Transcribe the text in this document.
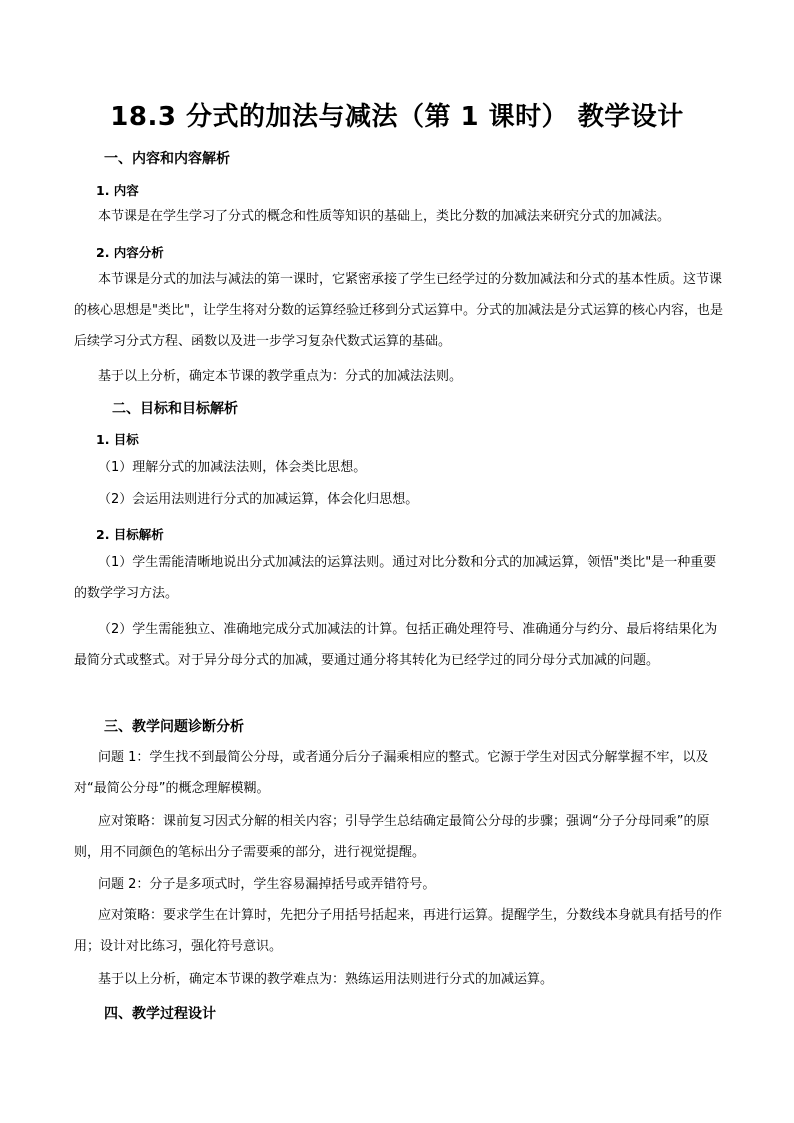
18.3 分式的加法与减法（第 1 课时） 教学设计
一、内容和内容解析
1. 内容

本节课是在学生学习了分式的概念和性质等知识的基础上，类比分数的加减法来研究分式的加减法。

2. 内容分析

本节课是分式的加法与减法的第一课时，它紧密承接了学生已经学过的分数加减法和分式的基本性质。这节课的核心思想是"类比"，让学生将对分数的运算经验迁移到分式运算中。分式的加减法是分式运算的核心内容，也是后续学习分式方程、函数以及进一步学习复杂代数式运算的基础。

基于以上分析，确定本节课的教学重点为：分式的加减法法则。

二、目标和目标解析
1. 目标

（1）理解分式的加减法法则，体会类比思想。

（2）会运用法则进行分式的加减运算，体会化归思想。

2. 目标解析

（1）学生需能清晰地说出分式加减法的运算法则。通过对比分数和分式的加减运算，领悟"类比"是一种重要的数学学习方法。

（2）学生需能独立、准确地完成分式加减法的计算。包括正确处理符号、准确通分与约分、最后将结果化为最简分式或整式。对于异分母分式的加减，要通过通分将其转化为已经学过的同分母分式加减的问题。

三、教学问题诊断分析

问题 1：学生找不到最简公分母，或者通分后分子漏乘相应的整式。它源于学生对因式分解掌握不牢，以及对“最简公分母”的概念理解模糊。

应对策略：课前复习因式分解的相关内容；引导学生总结确定最简公分母的步骤；强调“分子分母同乘”的原则，用不同颜色的笔标出分子需要乘的部分，进行视觉提醒。

问题 2：分子是多项式时，学生容易漏掉括号或弄错符号。

应对策略：要求学生在计算时，先把分子用括号括起来，再进行运算。提醒学生，分数线本身就具有括号的作用；设计对比练习，强化符号意识。

基于以上分析，确定本节课的教学难点为：熟练运用法则进行分式的加减运算。

四、教学过程设计
